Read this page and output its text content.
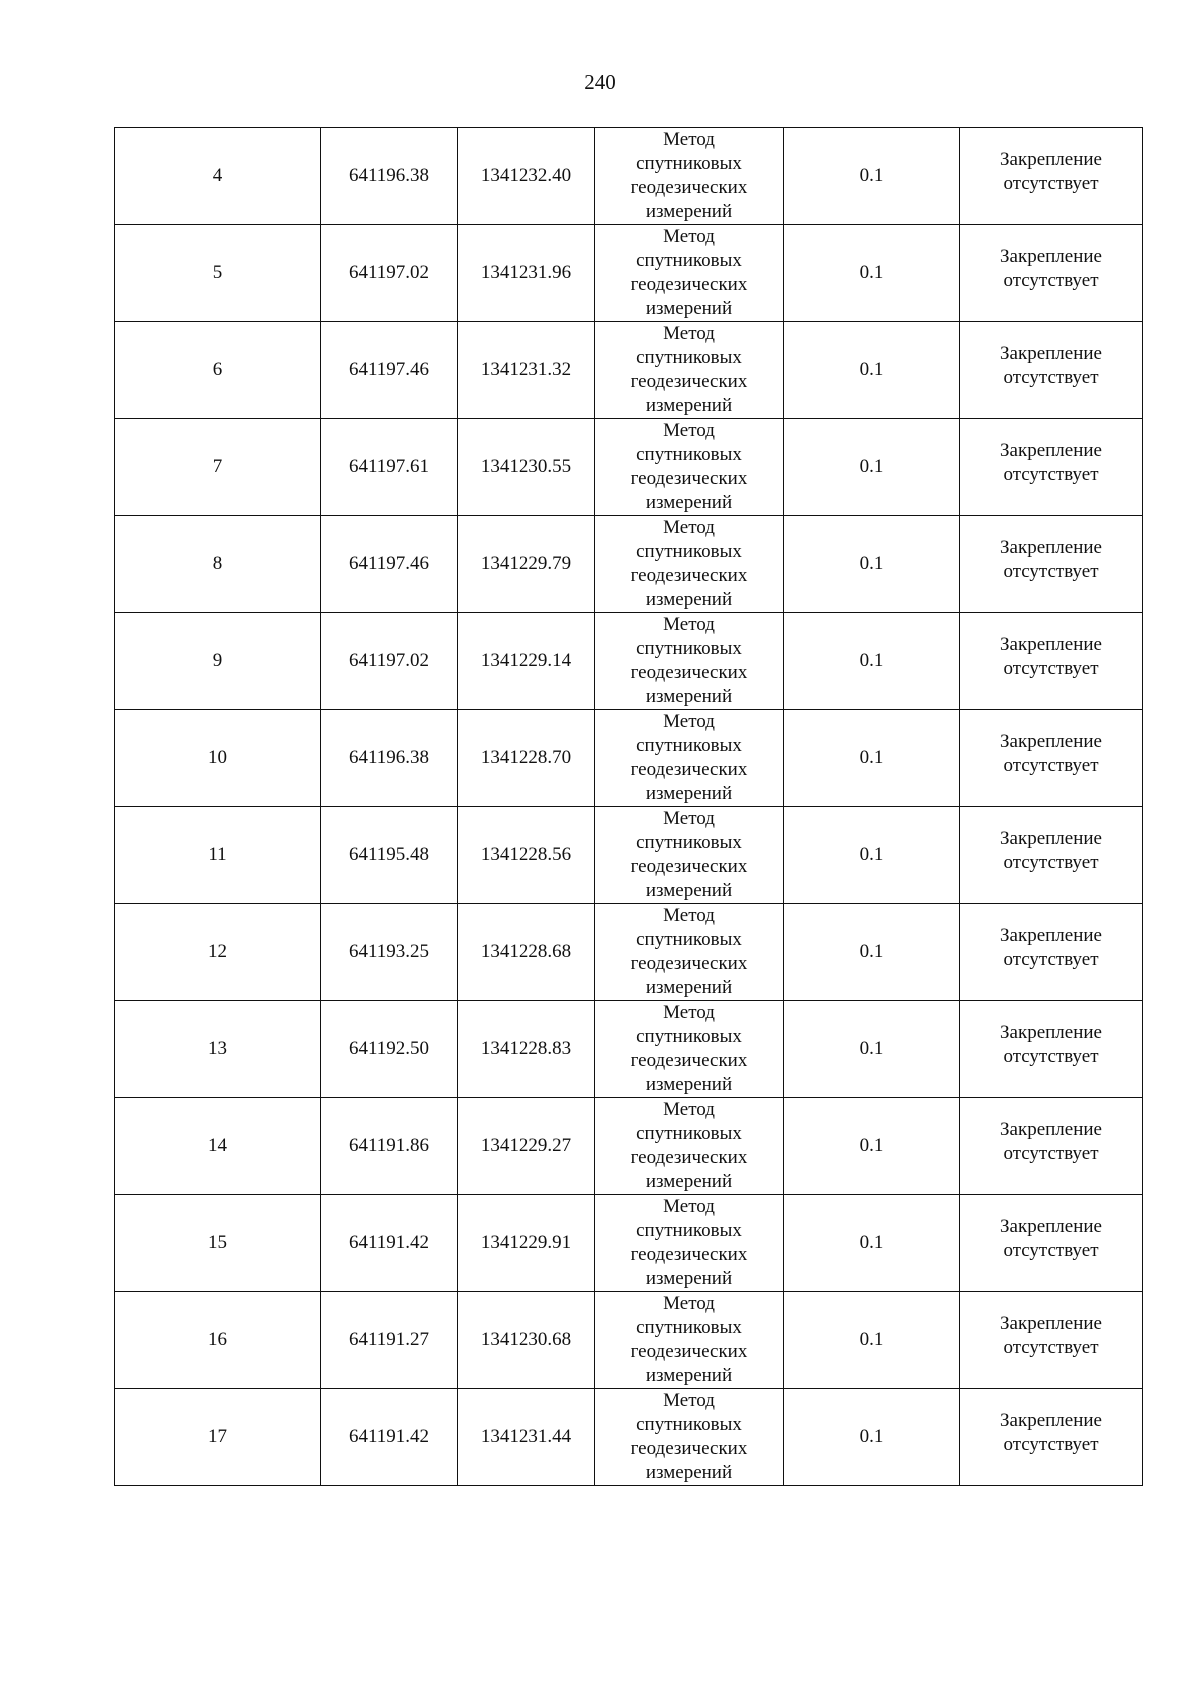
240
4	641196.38	1341232.40	Метод
спутниковых
геодезических
измерений	0.1	Закрепление
отсутствует

5	641197.02	1341231.96	Метод
спутниковых
геодезических
измерений	0.1	Закрепление
отсутствует

6	641197.46	1341231.32	Метод
спутниковых
геодезических
измерений	0.1	Закрепление
отсутствует

7	641197.61	1341230.55	Метод
спутниковых
геодезических
измерений	0.1	Закрепление
отсутствует

8	641197.46	1341229.79	Метод
спутниковых
геодезических
измерений	0.1	Закрепление
отсутствует

9	641197.02	1341229.14	Метод
спутниковых
геодезических
измерений	0.1	Закрепление
отсутствует

10	641196.38	1341228.70	Метод
спутниковых
геодезических
измерений	0.1	Закрепление
отсутствует

11	641195.48	1341228.56	Метод
спутниковых
геодезических
измерений	0.1	Закрепление
отсутствует

12	641193.25	1341228.68	Метод
спутниковых
геодезических
измерений	0.1	Закрепление
отсутствует

13	641192.50	1341228.83	Метод
спутниковых
геодезических
измерений	0.1	Закрепление
отсутствует

14	641191.86	1341229.27	Метод
спутниковых
геодезических
измерений	0.1	Закрепление
отсутствует

15	641191.42	1341229.91	Метод
спутниковых
геодезических
измерений	0.1	Закрепление
отсутствует

16	641191.27	1341230.68	Метод
спутниковых
геодезических
измерений	0.1	Закрепление
отсутствует

17	641191.42	1341231.44	Метод
спутниковых
геодезических
измерений	0.1	Закрепление
отсутствует
